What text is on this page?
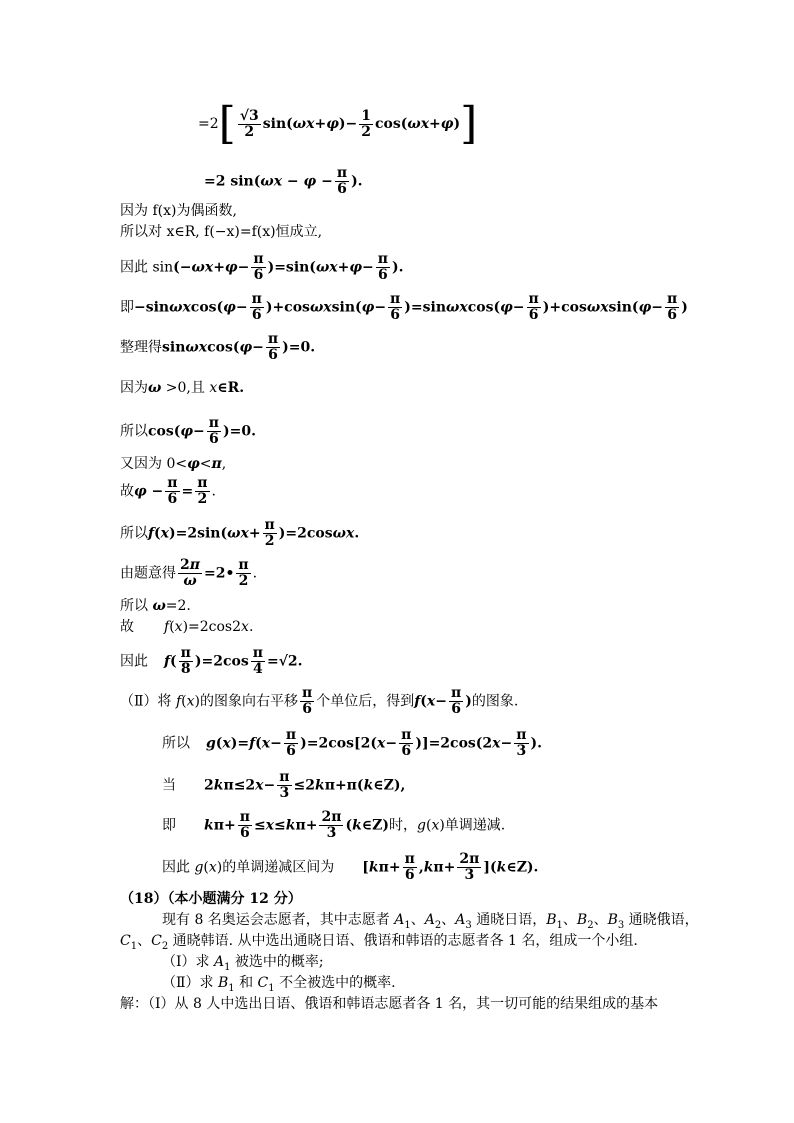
$=2[ \frac{√3}{2} \sin(\omega x+\varphi)- \frac{1}{2} \cos(\omega x+\varphi)]$
=2 $\sin(\omega x - \varphi - \frac{\pi}{6}$ ).
因为 f(x)为偶函数,
所以对 x∈R, f(−x)=f(x)恒成立,
因此 $\sin(-\omega x+\varphi- \frac{\pi}{6} )=\sin(\omega x+\varphi- \frac{\pi}{6}$ ).
即$-\sin\omega xcos(\varphi- \frac{\pi}{6} )+\cos\omega xsin(\varphi- \frac{\pi}{6} )=\sin\omega xcos(\varphi- \frac{\pi}{6} )+\cos\omega xsin(\varphi- \frac{\pi}{6}$ )
整理得$\sin\omega xcos(\varphi- \frac{\pi}{6} )=0$.
因为ω >0,且 x∈R.
所以$\cos(\varphi- \frac{\pi}{6} )=0$.
又因为 0<φ<π,
故$\varphi - \frac{\pi}{6} = \frac{\pi}{2}$ .
所以$f(x)=2\sin(\omega x+ \frac{\pi}{2} )=2\cos\omega x$.
由题意得 $\frac{2\pi}{\omega}$ =2• $\frac{\pi}{2}$ .
所以 ω=2.
故 f(x)=2cos2x.
因此 $f( \frac{\pi}{8} )=2\cos \frac{\pi}{4} =√2$.
（Ⅱ）将 f(x)的图象向右平移 $\frac{\pi}{6}$ 个单位后，得到$f(x- \frac{\pi}{6}$ )的图象.
所以 $g(x)=f(x- \frac{\pi}{6} )=2\cos[2(x- \frac{\pi}{6} )]=2\cos(2x- \frac{\pi}{3}$ ).
当 $2k\pi\le 2x- \frac{\pi}{3}$ ≤2kπ+π(k∈Z),
即 $k\pi+ \frac{\pi}{6} \le x\le k\pi+ \frac{2\pi}{3}$ (k∈Z)时，g(x)单调递减.
因此 g(x)的单调递减区间为 [$k\pi+ \frac{\pi}{6} ,k\pi+ \frac{2\pi}{3}$ ](k∈Z).
（18）（本小题满分 12 分）
现有 8 名奥运会志愿者，其中志愿者 $A_1$、$A_2$、$A_3$ 通晓日语，$B_1$、$B_2$、$B_3$ 通晓俄语，
$C_1$、$C_2$ 通晓韩语. 从中选出通晓日语、俄语和韩语的志愿者各 1 名，组成一个小组.
（Ⅰ）求 $A_1$ 被选中的概率;
（Ⅱ）求 $B_1$ 和 $C_1$ 不全被选中的概率.
解：（Ⅰ）从 8 人中选出日语、俄语和韩语志愿者各 1 名，其一切可能的结果组成的基本
